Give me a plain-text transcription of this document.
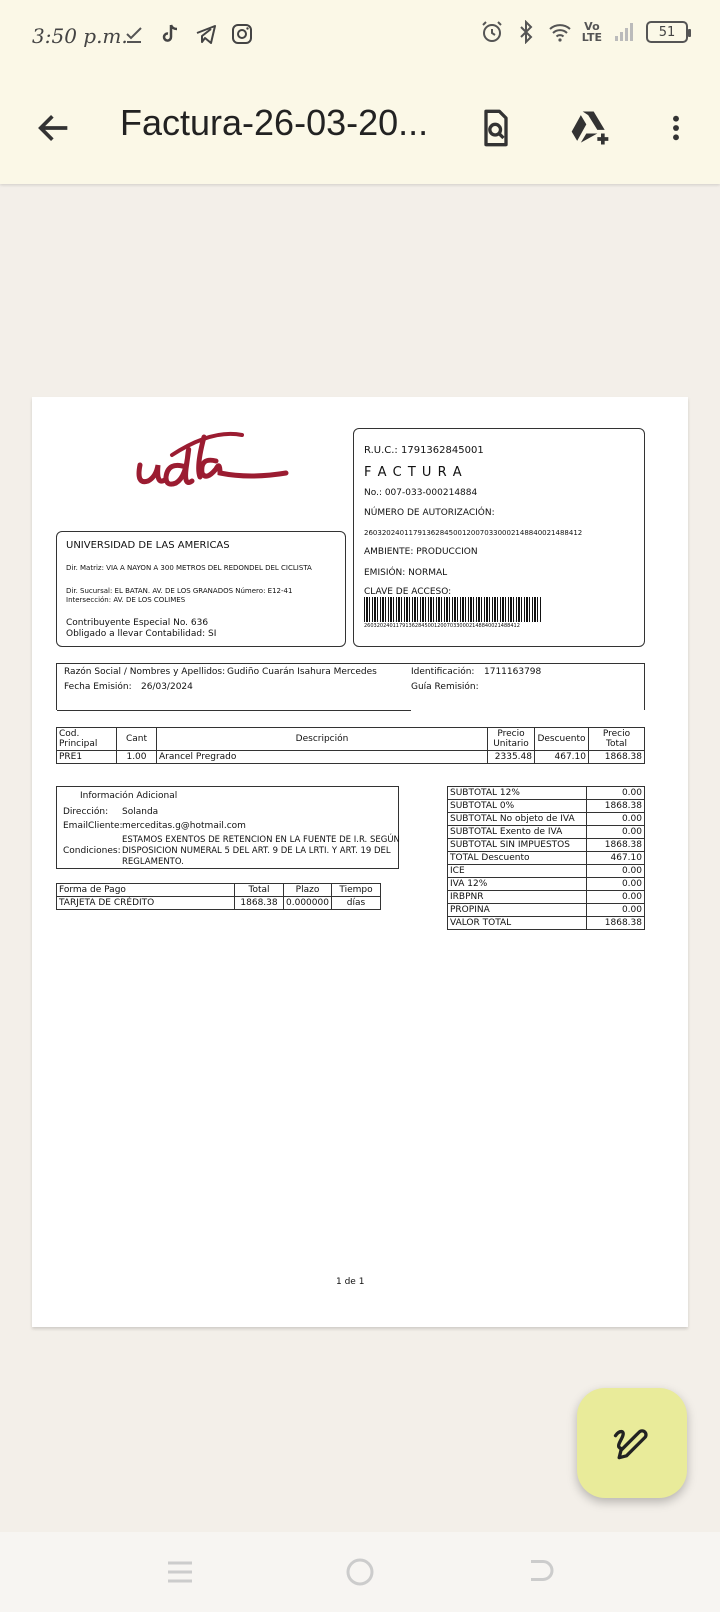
3:50 p.m.	Vo
LTE	51
Factura-26-03-20...
UNIVERSIDAD DE LAS AMERICAS
Dir. Matriz: VIA A NAYON A 300 METROS DEL REDONDEL DEL CICLISTA
Dir. Sucursal: EL BATAN. AV. DE LOS GRANADOS Número: E12-41
Intersección: AV. DE LOS COLIMES
Contribuyente Especial No. 636
Obligado a llevar Contabilidad: SI
R.U.C.: 1791362845001
F A C T U R A
No.: 007-033-000214884
NÚMERO DE AUTORIZACIÓN:
2603202401179136284500120070330002148840021488412
AMBIENTE: PRODUCCION
EMISIÓN: NORMAL
CLAVE DE ACCESO:
2603202401179136284500120070330002148840021488412
Razón Social / Nombres y Apellidos: Gudiño Cuarán Isahura Mercedes	Identificación: 1711163798
Fecha Emisión: 26/03/2024	Guía Remisión:
Cod. Principal	Cant	Descripción	Precio Unitario	Descuento	Precio Total
PRE1	1.00	Arancel Pregrado	2335.48	467.10	1868.38
Información Adicional
Dirección: Solanda
EmailCliente: merceditas.g@hotmail.com
Condiciones:
ESTAMOS EXENTOS DE RETENCION EN LA FUENTE DE I.R. SEGÚN
DISPOSICION NUMERAL 5 DEL ART. 9 DE LA LRTI. Y ART. 19 DEL
REGLAMENTO.
Forma de Pago	Total	Plazo	Tiempo
TARJETA DE CRÉDITO	1868.38	0.000000	días
SUBTOTAL 12%	0.00
SUBTOTAL 0%	1868.38
SUBTOTAL No objeto de IVA	0.00
SUBTOTAL Exento de IVA	0.00
SUBTOTAL SIN IMPUESTOS	1868.38
TOTAL Descuento	467.10
ICE	0.00
IVA 12%	0.00
IRBPNR	0.00
PROPINA	0.00
VALOR TOTAL	1868.38
1 de 1
